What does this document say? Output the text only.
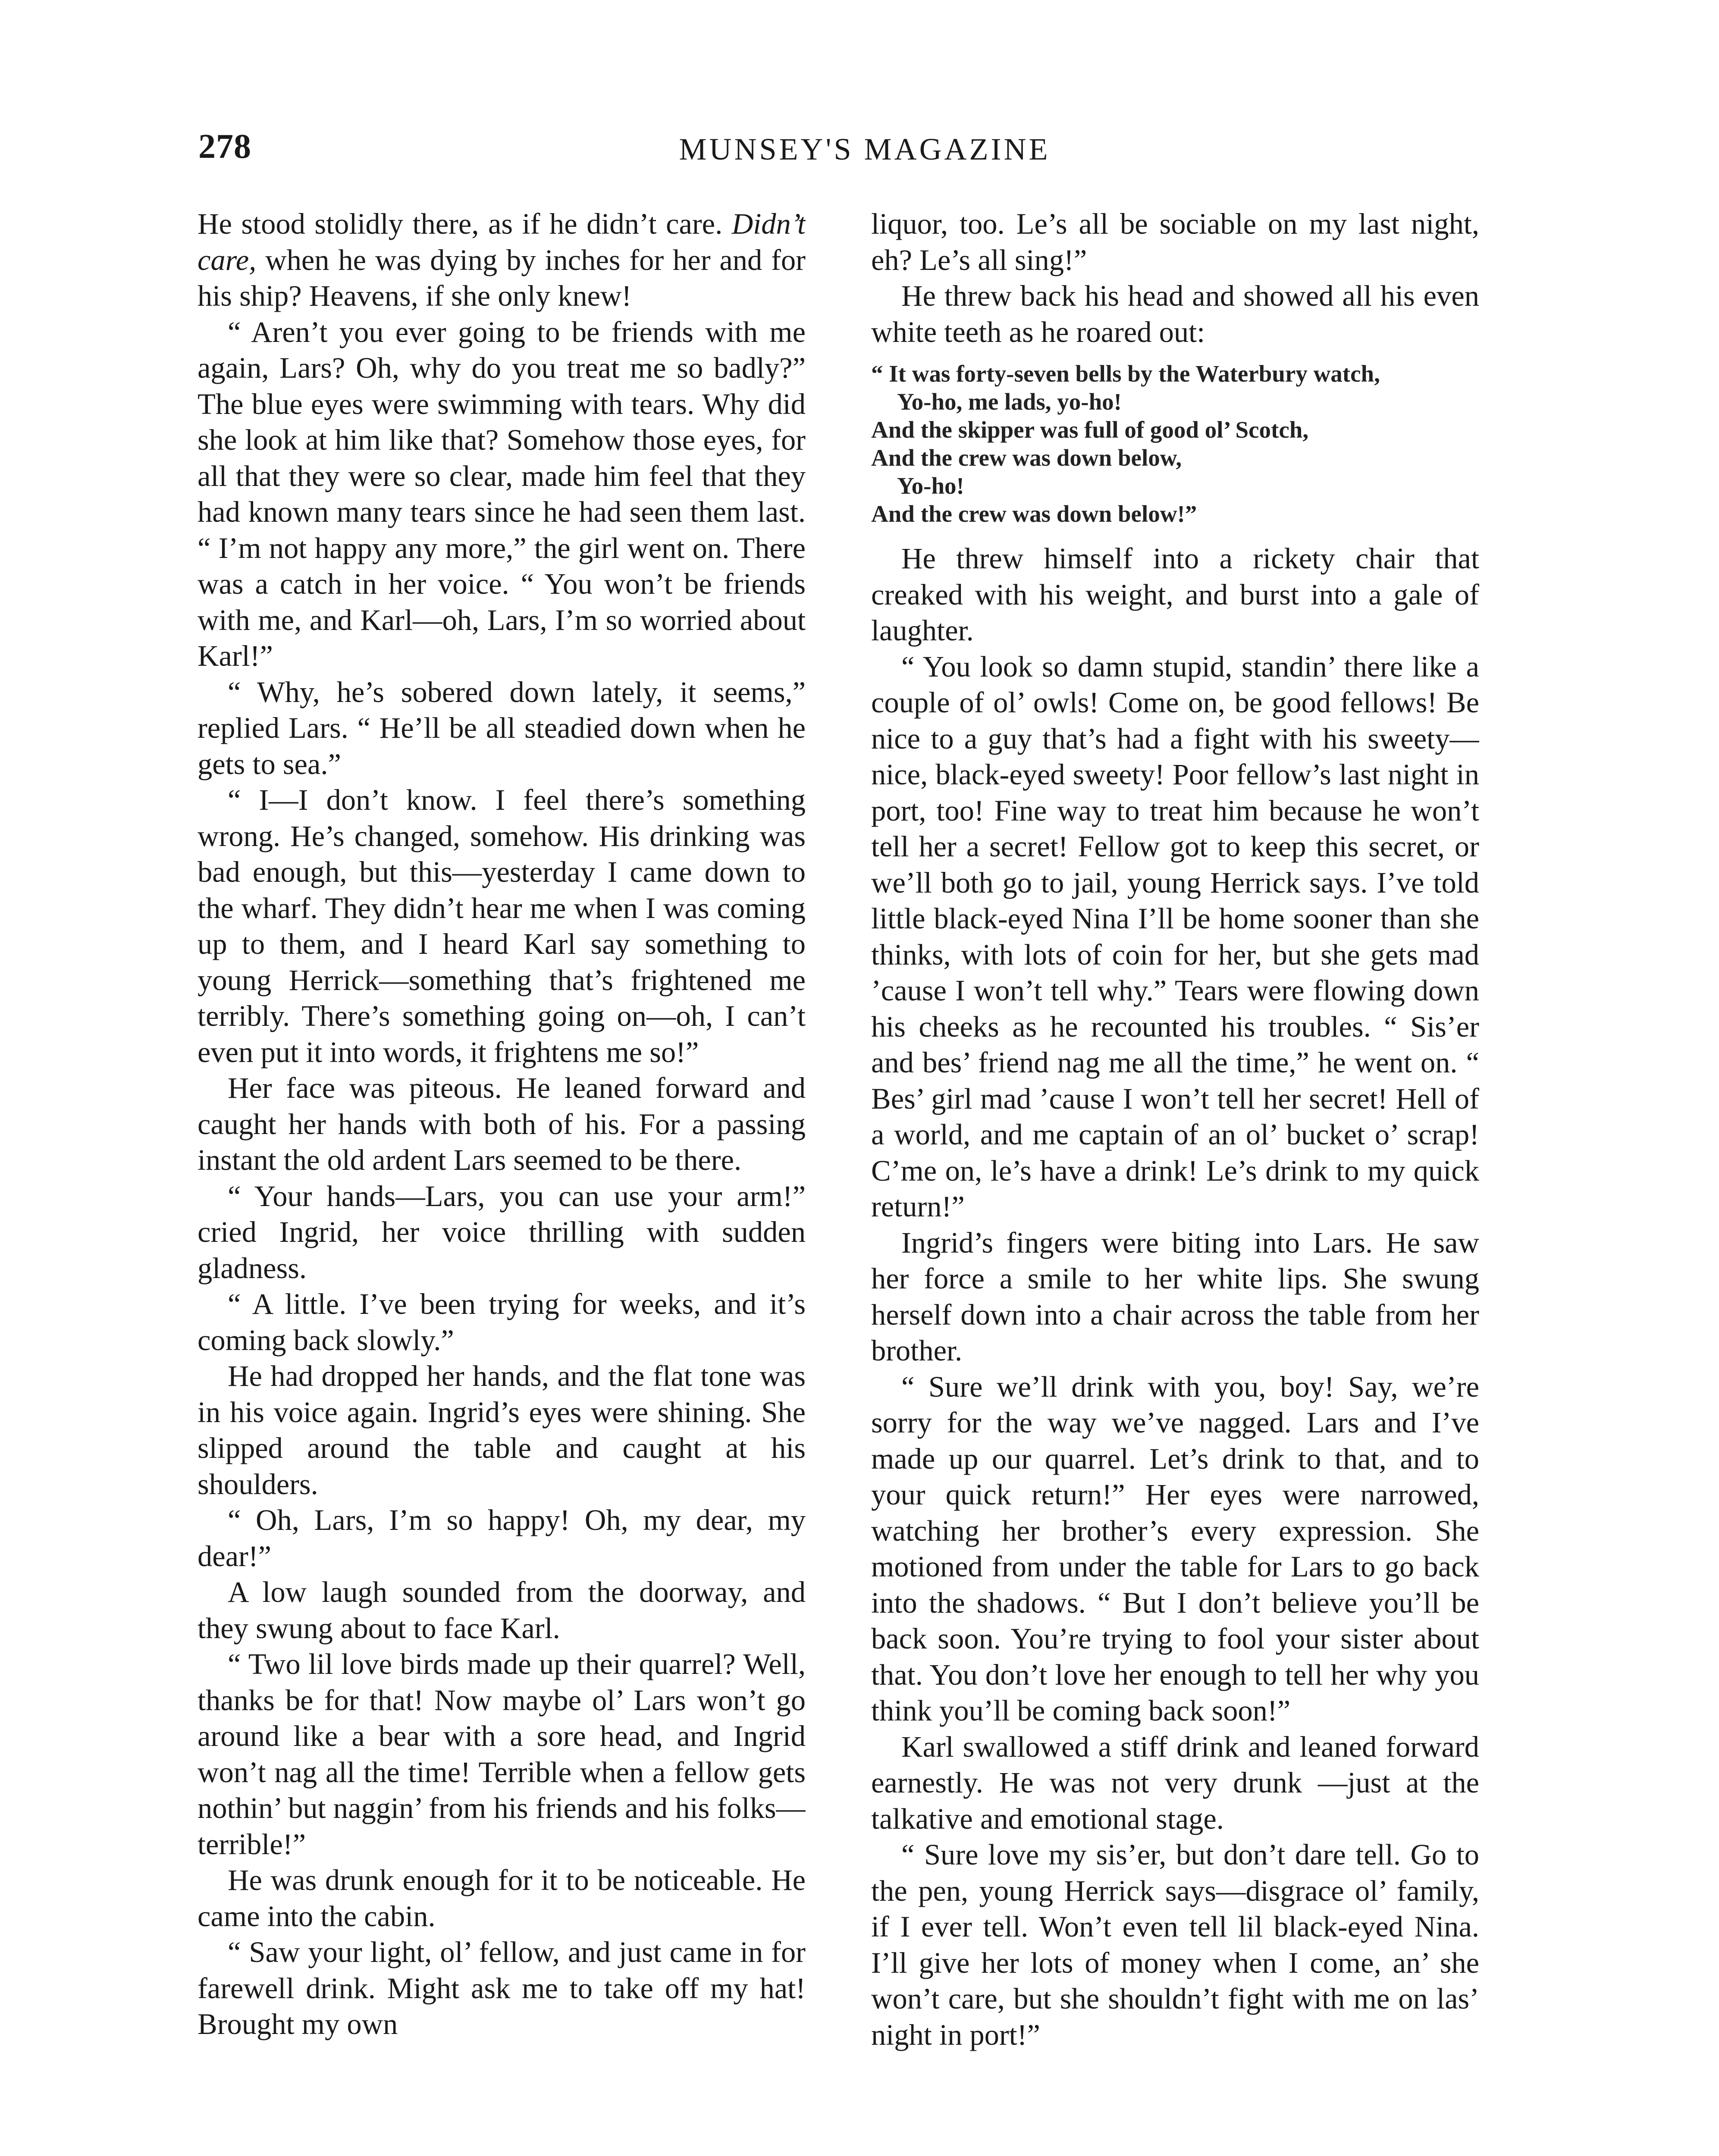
278	MUNSEY'S MAGAZINE

He stood stolidly there, as if he didn’t care. Didn’t care, when he was dying by inches for her and for his ship? Heavens, if she only knew!

“ Aren’t you ever going to be friends with me again, Lars? Oh, why do you treat me so badly?” The blue eyes were swimming with tears. Why did she look at him like that? Somehow those eyes, for all that they were so clear, made him feel that they had known many tears since he had seen them last. “ I’m not happy any more,” the girl went on. There was a catch in her voice. “ You won’t be friends with me, and Karl—oh, Lars, I’m so worried about Karl!”

“ Why, he’s sobered down lately, it seems,” replied Lars. “ He’ll be all steadied down when he gets to sea.”

“ I—I don’t know. I feel there’s something wrong. He’s changed, somehow. His drinking was bad enough, but this—yesterday I came down to the wharf. They didn’t hear me when I was coming up to them, and I heard Karl say something to young Herrick—something that’s frightened me terribly. There’s something going on—oh, I can’t even put it into words, it frightens me so!”

Her face was piteous. He leaned forward and caught her hands with both of his. For a passing instant the old ardent Lars seemed to be there.

“ Your hands—Lars, you can use your arm!” cried Ingrid, her voice thrilling with sudden gladness.

“ A little. I’ve been trying for weeks, and it’s coming back slowly.”

He had dropped her hands, and the flat tone was in his voice again. Ingrid’s eyes were shining. She slipped around the table and caught at his shoulders.

“ Oh, Lars, I’m so happy! Oh, my dear, my dear!”

A low laugh sounded from the doorway, and they swung about to face Karl.

“ Two lil love birds made up their quarrel? Well, thanks be for that! Now maybe ol’ Lars won’t go around like a bear with a sore head, and Ingrid won’t nag all the time! Terrible when a fellow gets nothin’ but naggin’ from his friends and his folks—terrible!”

He was drunk enough for it to be noticeable. He came into the cabin.

“ Saw your light, ol’ fellow, and just came in for farewell drink. Might ask me to take off my hat! Brought my own

liquor, too. Le’s all be sociable on my last night, eh? Le’s all sing!”

He threw back his head and showed all his even white teeth as he roared out:

“ It was forty-seven bells by the Waterbury watch,
Yo-ho, me lads, yo-ho!
And the skipper was full of good ol’ Scotch,
And the crew was down below,
Yo-ho!
And the crew was down below!”

He threw himself into a rickety chair that creaked with his weight, and burst into a gale of laughter.

“ You look so damn stupid, standin’ there like a couple of ol’ owls! Come on, be good fellows! Be nice to a guy that’s had a fight with his sweety—nice, black-eyed sweety! Poor fellow’s last night in port, too! Fine way to treat him because he won’t tell her a secret! Fellow got to keep this secret, or we’ll both go to jail, young Herrick says. I’ve told little black-eyed Nina I’ll be home sooner than she thinks, with lots of coin for her, but she gets mad ’cause I won’t tell why.” Tears were flowing down his cheeks as he recounted his troubles. “ Sis’er and bes’ friend nag me all the time,” he went on. “ Bes’ girl mad ’cause I won’t tell her secret! Hell of a world, and me captain of an ol’ bucket o’ scrap! C’me on, le’s have a drink! Le’s drink to my quick return!”

Ingrid’s fingers were biting into Lars. He saw her force a smile to her white lips. She swung herself down into a chair across the table from her brother.

“ Sure we’ll drink with you, boy! Say, we’re sorry for the way we’ve nagged. Lars and I’ve made up our quarrel. Let’s drink to that, and to your quick return!” Her eyes were narrowed, watching her brother’s every expression. She motioned from under the table for Lars to go back into the shadows. “ But I don’t believe you’ll be back soon. You’re trying to fool your sister about that. You don’t love her enough to tell her why you think you’ll be coming back soon!”

Karl swallowed a stiff drink and leaned forward earnestly. He was not very drunk —just at the talkative and emotional stage.

“ Sure love my sis’er, but don’t dare tell. Go to the pen, young Herrick says—disgrace ol’ family, if I ever tell. Won’t even tell lil black-eyed Nina. I’ll give her lots of money when I come, an’ she won’t care, but she shouldn’t fight with me on las’ night in port!”
